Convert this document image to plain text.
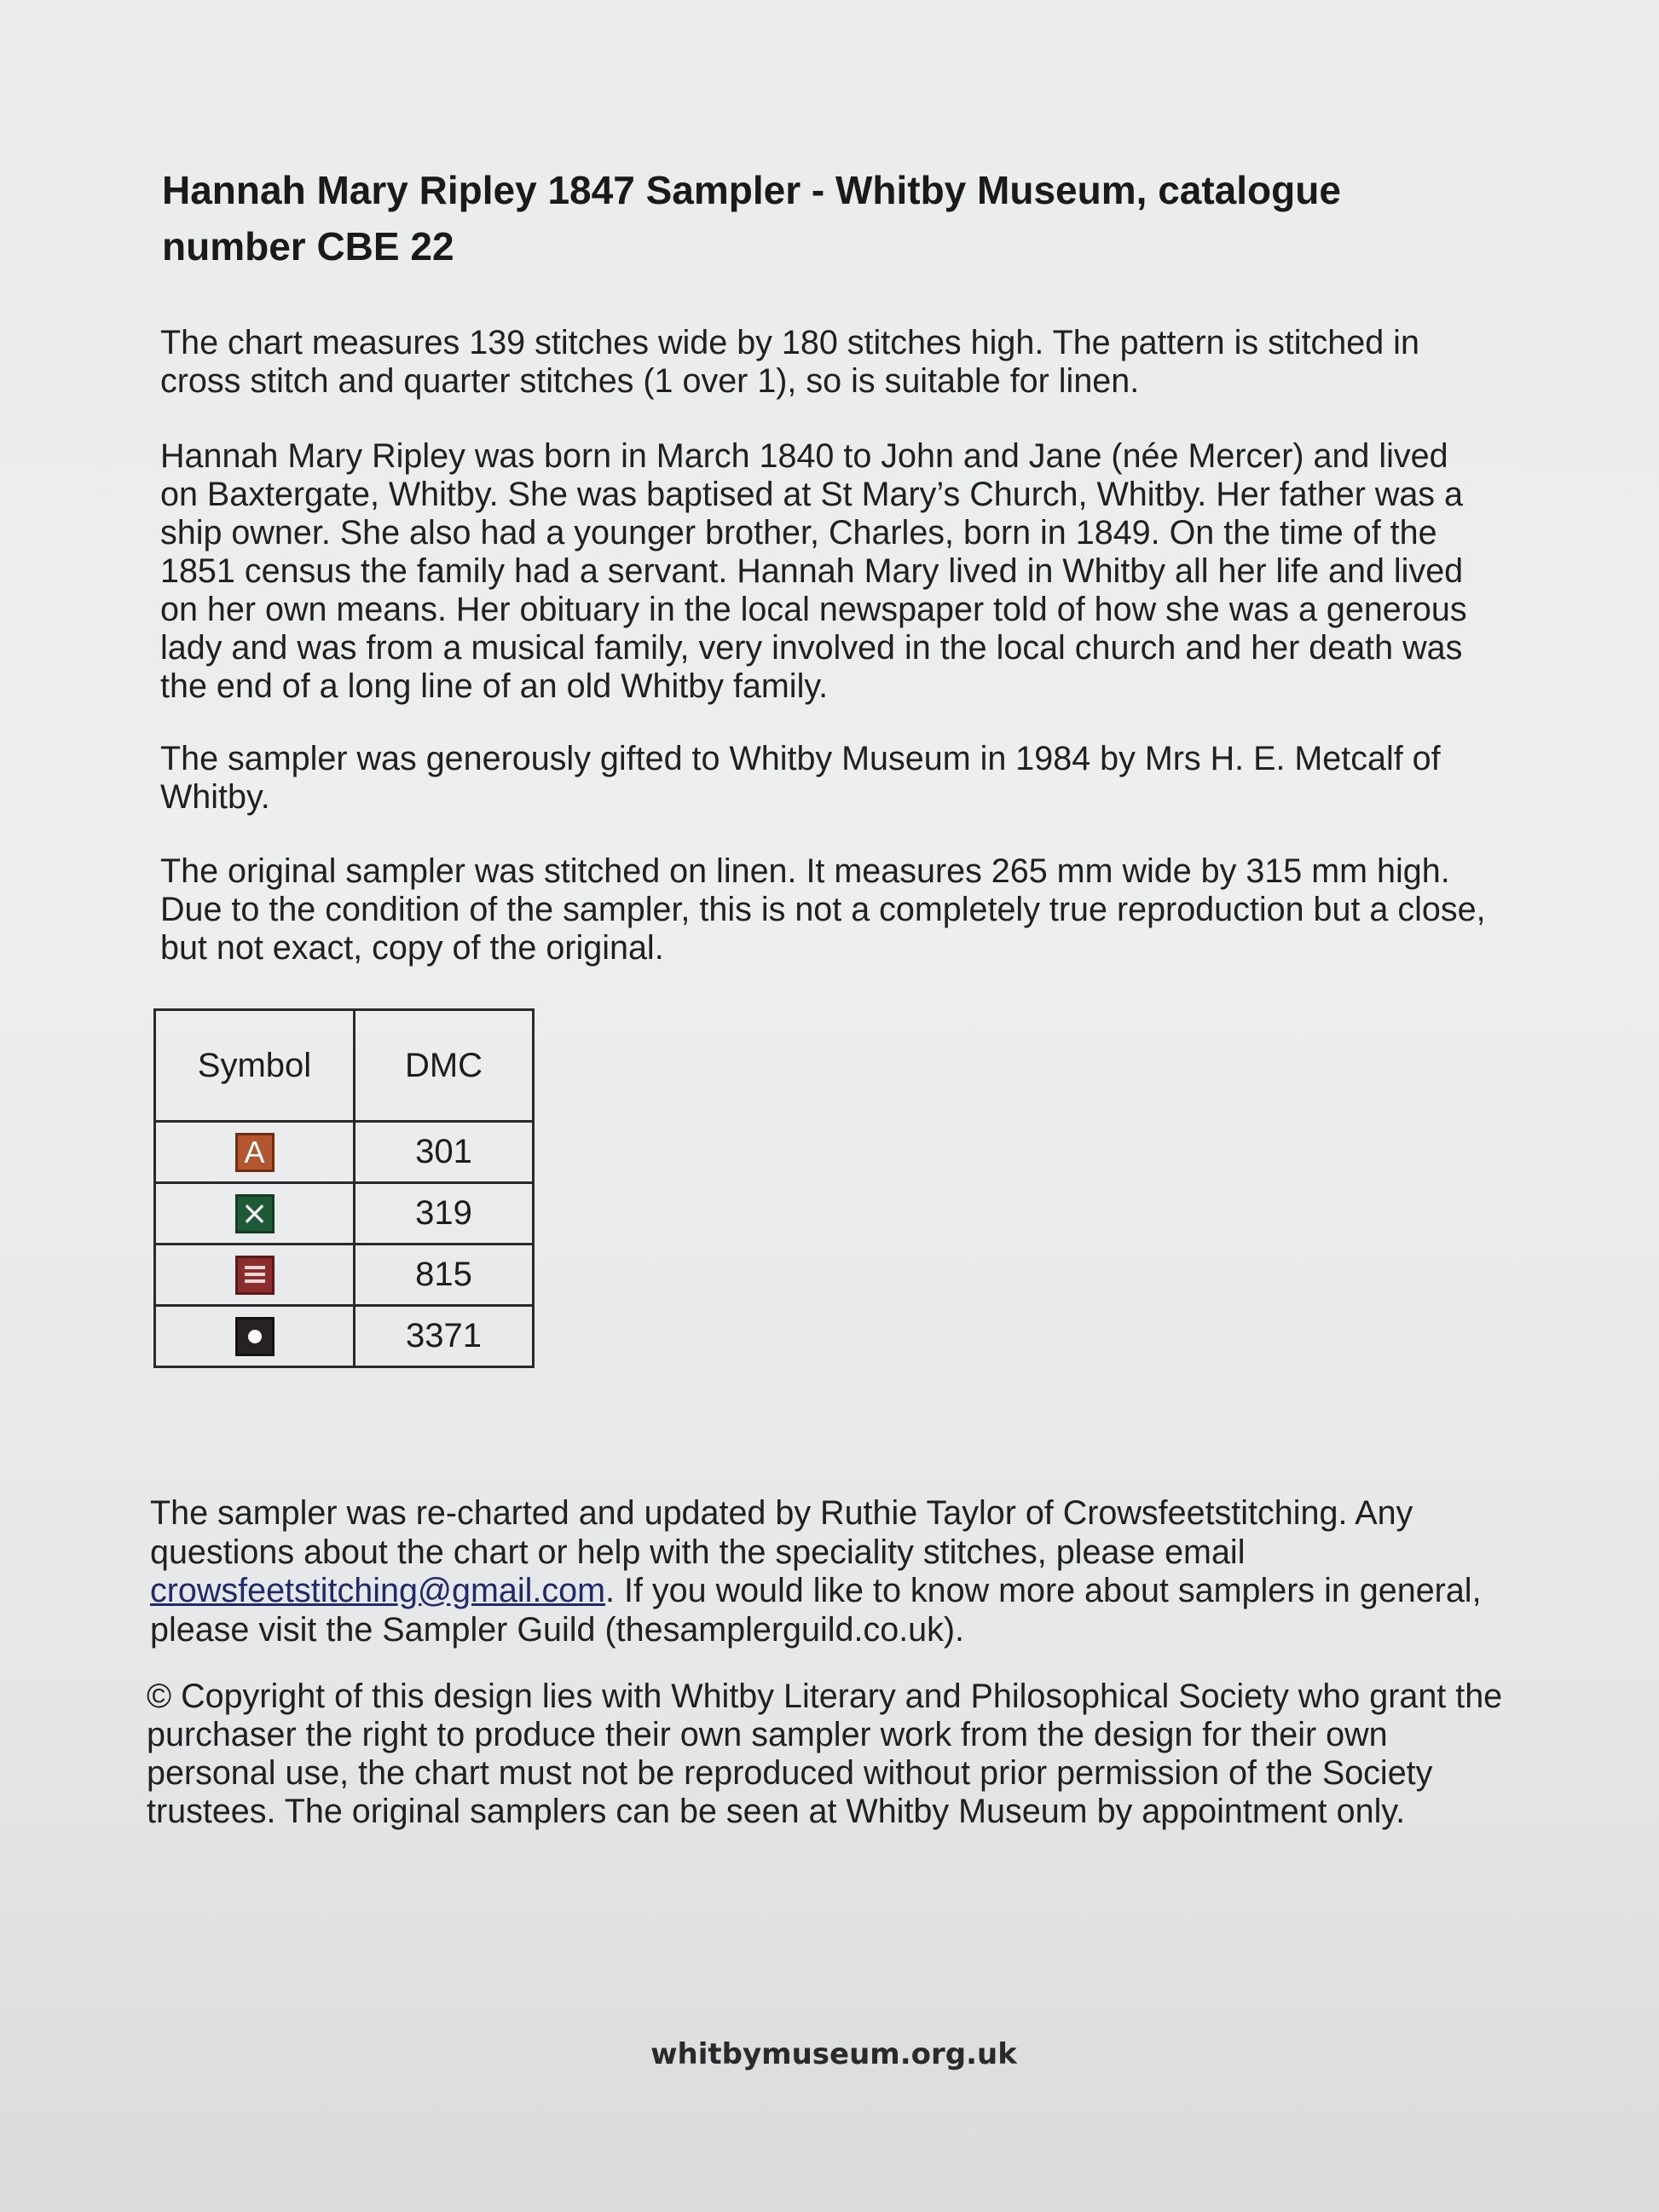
Hannah Mary Ripley 1847 Sampler - Whitby Museum, catalogue number CBE 22

The chart measures 139 stitches wide by 180 stitches high. The pattern is stitched in cross stitch and quarter stitches (1 over 1), so is suitable for linen.

Hannah Mary Ripley was born in March 1840 to John and Jane (née Mercer) and lived on Baxtergate, Whitby. She was baptised at St Mary’s Church, Whitby. Her father was a ship owner. She also had a younger brother, Charles, born in 1849. On the time of the 1851 census the family had a servant. Hannah Mary lived in Whitby all her life and lived on her own means. Her obituary in the local newspaper told of how she was a generous lady and was from a musical family, very involved in the local church and her death was the end of a long line of an old Whitby family.

The sampler was generously gifted to Whitby Museum in 1984 by Mrs H. E. Metcalf of Whitby.

The original sampler was stitched on linen. It measures 265 mm wide by 315 mm high. Due to the condition of the sampler, this is not a completely true reproduction but a close, but not exact, copy of the original.

Symbol	DMC
A	301
×	319

	815

	3371

The sampler was re-charted and updated by Ruthie Taylor of Crowsfeetstitching. Any questions about the chart or help with the speciality stitches, please email crowsfeetstitching@gmail.com. If you would like to know more about samplers in general, please visit the Sampler Guild (thesamplerguild.co.uk).

© Copyright of this design lies with Whitby Literary and Philosophical Society who grant the purchaser the right to produce their own sampler work from the design for their own personal use, the chart must not be reproduced without prior permission of the Society trustees. The original samplers can be seen at Whitby Museum by appointment only.

whitbymuseum.org.uk
